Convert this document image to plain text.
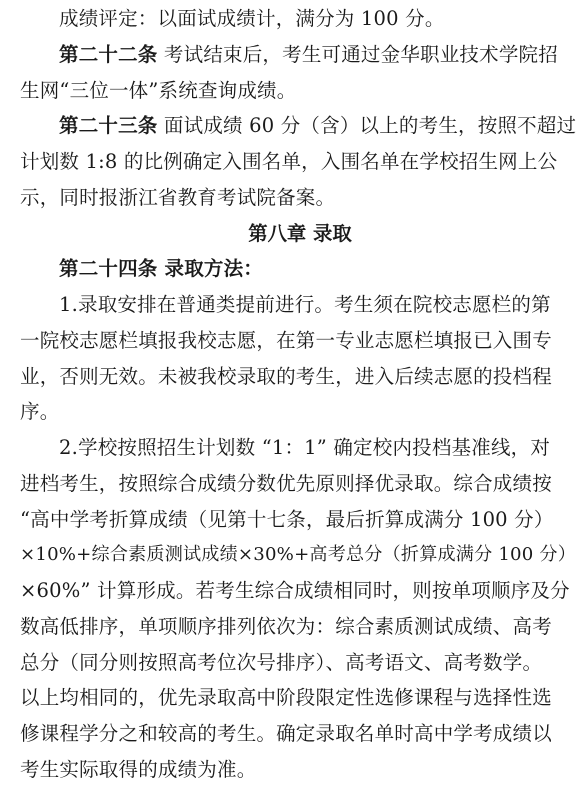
成绩评定：以面试成绩计，满分为 100 分。
第二十二条 考试结束后，考生可通过金华职业技术学院招
生网“三位一体”系统查询成绩。
第二十三条 面试成绩 60 分（含）以上的考生，按照不超过
计划数 1:8 的比例确定入围名单，入围名单在学校招生网上公
示，同时报浙江省教育考试院备案。
第八章 录取
第二十四条 录取方法：
1.录取安排在普通类提前进行。考生须在院校志愿栏的第
一院校志愿栏填报我校志愿，在第一专业志愿栏填报已入围专
业，否则无效。未被我校录取的考生，进入后续志愿的投档程
序。
2.学校按照招生计划数 “1：1” 确定校内投档基准线，对
进档考生，按照综合成绩分数优先原则择优录取。综合成绩按
“高中学考折算成绩（见第十七条，最后折算成满分 100 分）
×10%+综合素质测试成绩×30%+高考总分（折算成满分 100 分）
×60%” 计算形成。若考生综合成绩相同时，则按单项顺序及分
数高低排序，单项顺序排列依次为：综合素质测试成绩、高考
总分（同分则按照高考位次号排序）、高考语文、高考数学。
以上均相同的，优先录取高中阶段限定性选修课程与选择性选
修课程学分之和较高的考生。确定录取名单时高中学考成绩以
考生实际取得的成绩为准。
